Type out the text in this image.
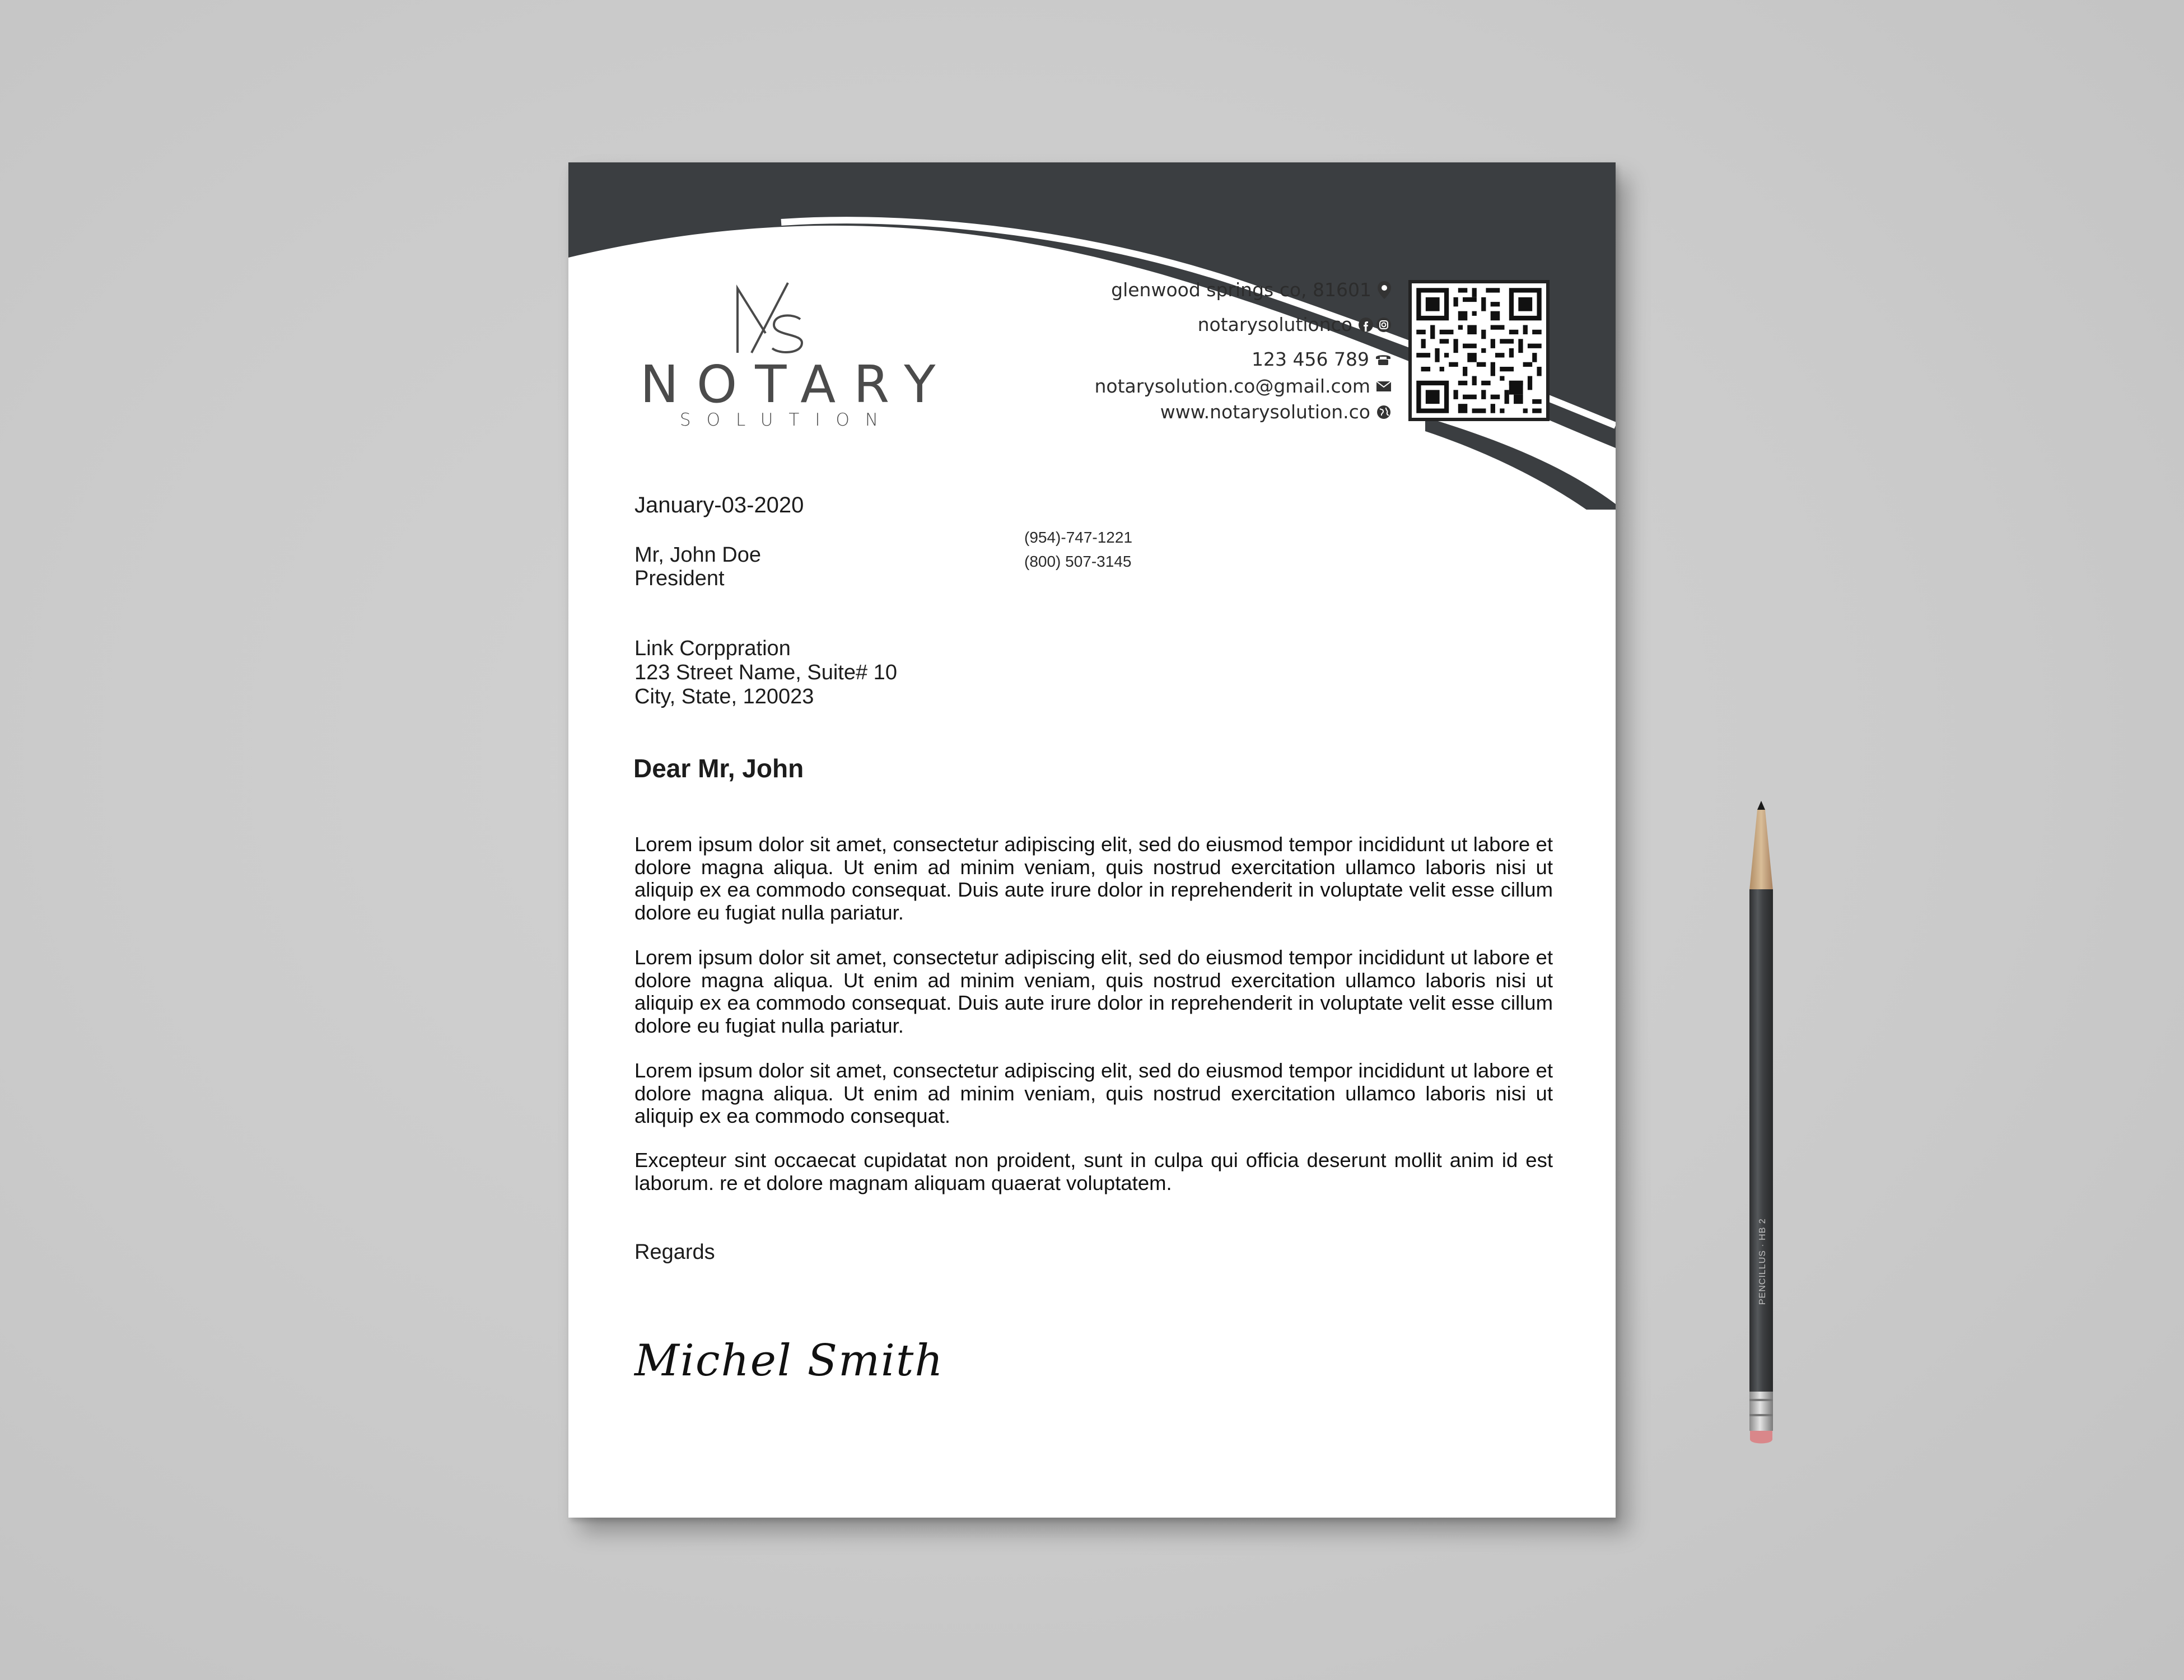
NOTARY
SOLUTION
glenwood springs co, 81601
notarysolutionco
123 456 789
notarysolution.co@gmail.com
www.notarysolution.co
January-03-2020
Mr, John Doe
President
(954)-747-1221
(800) 507-3145
Link Corppration
123 Street Name, Suite# 10
City, State, 120023
Dear Mr, John
Lorem ipsum dolor sit amet, consectetur adipiscing elit, sed do eiusmod tempor incididunt ut labore et dolore magna aliqua. Ut enim ad minim veniam, quis nostrud exercitation ullamco laboris nisi ut aliquip ex ea commodo consequat. Duis aute irure dolor in reprehenderit in voluptate velit esse cillum dolore eu fugiat nulla pariatur.
Lorem ipsum dolor sit amet, consectetur adipiscing elit, sed do eiusmod tempor incididunt ut labore et dolore magna aliqua. Ut enim ad minim veniam, quis nostrud exercitation ullamco laboris nisi ut aliquip ex ea commodo consequat. Duis aute irure dolor in reprehenderit in voluptate velit esse cillum dolore eu fugiat nulla pariatur.
Lorem ipsum dolor sit amet, consectetur adipiscing elit, sed do eiusmod tempor incididunt ut labore et dolore magna aliqua. Ut enim ad minim veniam, quis nostrud exercitation ullamco laboris nisi ut aliquip ex ea commodo consequat.
Excepteur sint occaecat cupidatat non proident, sunt in culpa qui officia deserunt mollit anim id est laborum. re et dolore magnam aliquam quaerat voluptatem.
Regards
Michel Smith
PENCILLUS · HB 2
